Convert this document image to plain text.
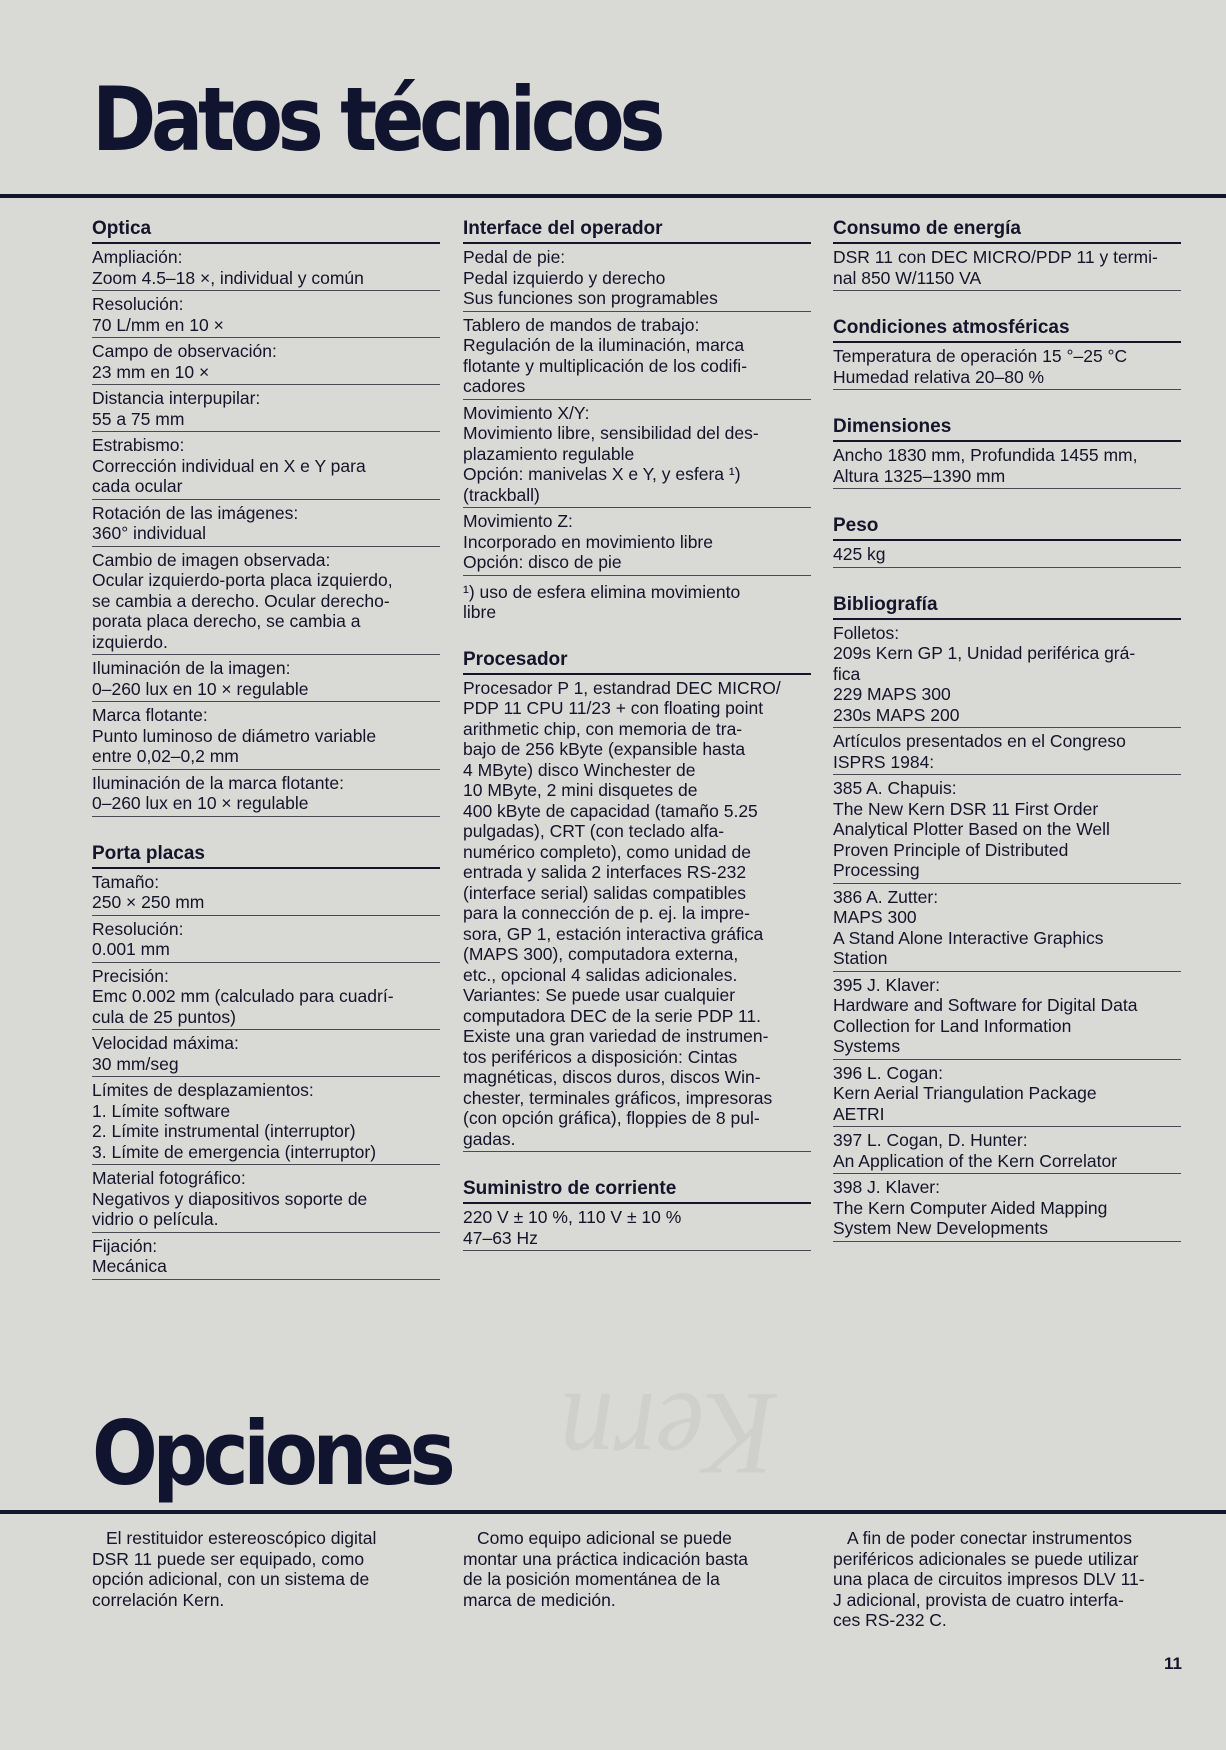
Datos técnicos
Optica
Ampliación:
Zoom 4.5–18 ×, individual y común
Resolución:
70 L/mm en 10 ×
Campo de observación:
23 mm en 10 ×
Distancia interpupilar:
55 a 75 mm
Estrabismo:
Corrección individual en X e Y para
cada ocular
Rotación de las imágenes:
360° individual
Cambio de imagen observada:
Ocular izquierdo-porta placa izquierdo,
se cambia a derecho. Ocular derecho-
porata placa derecho, se cambia a
izquierdo.
Iluminación de la imagen:
0–260 lux en 10 × regulable
Marca flotante:
Punto luminoso de diámetro variable
entre 0,02–0,2 mm
Iluminación de la marca flotante:
0–260 lux en 10 × regulable
Porta placas
Tamaño:
250 × 250 mm
Resolución:
0.001 mm
Precisión:
Emc 0.002 mm (calculado para cuadrí-
cula de 25 puntos)
Velocidad máxima:
30 mm/seg
Límites de desplazamientos:
1. Límite software
2. Límite instrumental (interruptor)
3. Límite de emergencia (interruptor)
Material fotográfico:
Negativos y diapositivos soporte de
vidrio o película.
Fijación:
Mecánica
Interface del operador
Pedal de pie:
Pedal izquierdo y derecho
Sus funciones son programables
Tablero de mandos de trabajo:
Regulación de la iluminación, marca
flotante y multiplicación de los codifi-
cadores
Movimiento X/Y:
Movimiento libre, sensibilidad del des-
plazamiento regulable
Opción: manivelas X e Y, y esfera ¹)
(trackball)
Movimiento Z:
Incorporado en movimiento libre
Opción: disco de pie
¹) uso de esfera elimina movimiento
libre
Procesador
Procesador P 1, estandrad DEC MICRO/
PDP 11 CPU 11/23 + con floating point
arithmetic chip, con memoria de tra-
bajo de 256 kByte (expansible hasta
4 MByte) disco Winchester de
10 MByte, 2 mini disquetes de
400 kByte de capacidad (tamaño 5.25
pulgadas), CRT (con teclado alfa-
numérico completo), como unidad de
entrada y salida 2 interfaces RS-232
(interface serial) salidas compatibles
para la connección de p. ej. la impre-
sora, GP 1, estación interactiva gráfica
(MAPS 300), computadora externa,
etc., opcional 4 salidas adicionales.
Variantes: Se puede usar cualquier
computadora DEC de la serie PDP 11.
Existe una gran variedad de instrumen-
tos periféricos a disposición: Cintas
magnéticas, discos duros, discos Win-
chester, terminales gráficos, impresoras
(con opción gráfica), floppies de 8 pul-
gadas.
Suministro de corriente
220 V ± 10 %, 110 V ± 10 %
47–63 Hz
Consumo de energía
DSR 11 con DEC MICRO/PDP 11 y termi-
nal 850 W/1150 VA
Condiciones atmosféricas
Temperatura de operación 15 °–25 °C
Humedad relativa 20–80 %
Dimensiones
Ancho 1830 mm, Profundida 1455 mm,
Altura 1325–1390 mm
Peso
425 kg
Bibliografía
Folletos:
209s Kern GP 1, Unidad periférica grá-
fica
229 MAPS 300
230s MAPS 200
Artículos presentados en el Congreso
ISPRS 1984:
385 A. Chapuis:
The New Kern DSR 11 First Order
Analytical Plotter Based on the Well
Proven Principle of Distributed
Processing
386 A. Zutter:
MAPS 300
A Stand Alone Interactive Graphics
Station
395 J. Klaver:
Hardware and Software for Digital Data
Collection for Land Information
Systems
396 L. Cogan:
Kern Aerial Triangulation Package
AETRI
397 L. Cogan, D. Hunter:
An Application of the Kern Correlator
398 J. Klaver:
The Kern Computer Aided Mapping
System New Developments
Kern
Opciones
El restituidor estereoscópico digital
DSR 11 puede ser equipado, como
opción adicional, con un sistema de
correlación Kern.
Como equipo adicional se puede
montar una práctica indicación basta
de la posición momentánea de la
marca de medición.
A fin de poder conectar instrumentos
periféricos adicionales se puede utilizar
una placa de circuitos impresos DLV 11-
J adicional, provista de cuatro interfa-
ces RS-232 C.
11
